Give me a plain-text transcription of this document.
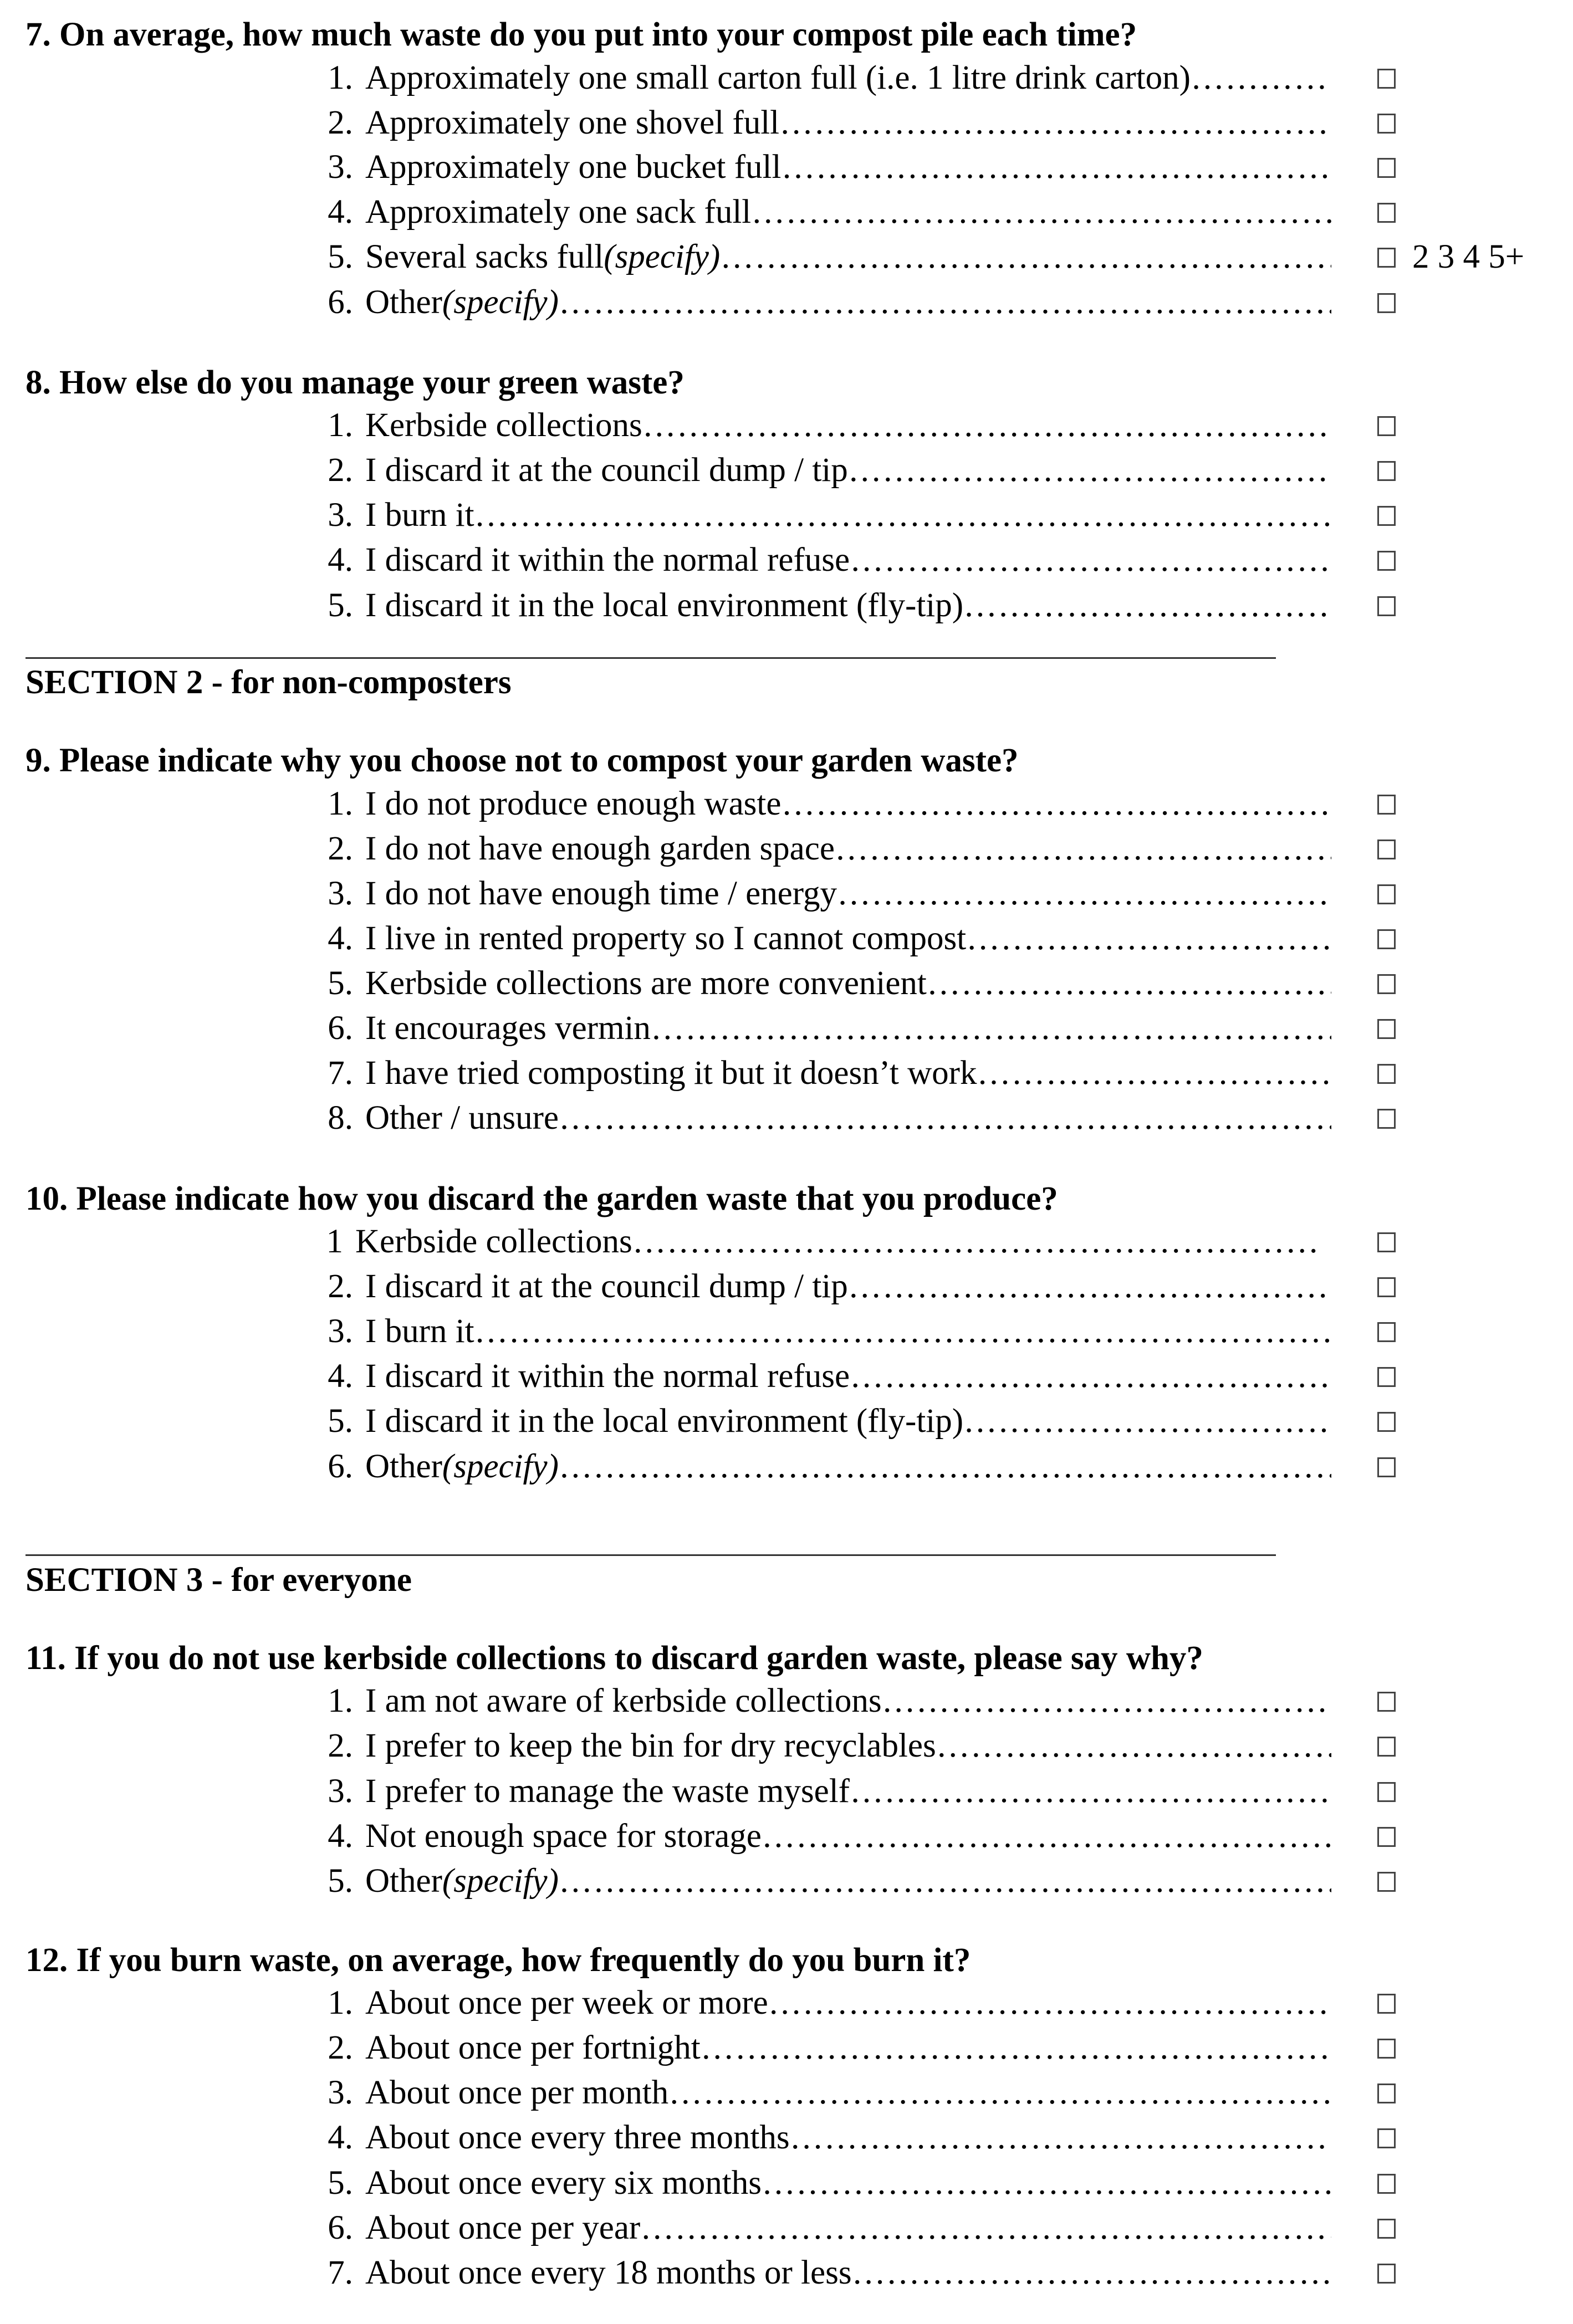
7. On average, how much waste do you put into your compost pile each time?
1. Approximately one small carton full (i.e. 1 litre drink carton)
………………………………………………………………………………………………………………………………………………………………
2. Approximately one shovel full
………………………………………………………………………………………………………………………………………………………………
3. Approximately one bucket full
………………………………………………………………………………………………………………………………………………………………
4. Approximately one sack full
………………………………………………………………………………………………………………………………………………………………
5. Several sacks full (specify)
………………………………………………………………………………………………………………………………………………………………
6. Other (specify)
………………………………………………………………………………………………………………………………………………………………
2 3 4 5+
8. How else do you manage your green waste?
1. Kerbside collections
………………………………………………………………………………………………………………………………………………………………
2. I discard it at the council dump / tip
………………………………………………………………………………………………………………………………………………………………
3. I burn it
………………………………………………………………………………………………………………………………………………………………
4. I discard it within the normal refuse
………………………………………………………………………………………………………………………………………………………………
5. I discard it in the local environment (fly-tip)
………………………………………………………………………………………………………………………………………………………………
SECTION 2 - for non-composters
9. Please indicate why you choose not to compost your garden waste?
1. I do not produce enough waste
………………………………………………………………………………………………………………………………………………………………
2. I do not have enough garden space
………………………………………………………………………………………………………………………………………………………………
3. I do not have enough time / energy
………………………………………………………………………………………………………………………………………………………………
4. I live in rented property so I cannot compost
………………………………………………………………………………………………………………………………………………………………
5. Kerbside collections are more convenient
………………………………………………………………………………………………………………………………………………………………
6. It encourages vermin
………………………………………………………………………………………………………………………………………………………………
7. I have tried composting it but it doesn’t work
………………………………………………………………………………………………………………………………………………………………
8. Other / unsure
………………………………………………………………………………………………………………………………………………………………
10. Please indicate how you discard the garden waste that you produce?
1 Kerbside collections
………………………………………………………………………………………………………………………………………………………………
2. I discard it at the council dump / tip
………………………………………………………………………………………………………………………………………………………………
3. I burn it
………………………………………………………………………………………………………………………………………………………………
4. I discard it within the normal refuse
………………………………………………………………………………………………………………………………………………………………
5. I discard it in the local environment (fly-tip)
………………………………………………………………………………………………………………………………………………………………
6. Other (specify)
………………………………………………………………………………………………………………………………………………………………
SECTION 3 - for everyone
11. If you do not use kerbside collections to discard garden waste, please say why?
1. I am not aware of kerbside collections
………………………………………………………………………………………………………………………………………………………………
2. I prefer to keep the bin for dry recyclables
………………………………………………………………………………………………………………………………………………………………
3. I prefer to manage the waste myself
………………………………………………………………………………………………………………………………………………………………
4. Not enough space for storage
………………………………………………………………………………………………………………………………………………………………
5. Other (specify)
………………………………………………………………………………………………………………………………………………………………
12. If you burn waste, on average, how frequently do you burn it?
1. About once per week or more
………………………………………………………………………………………………………………………………………………………………
2. About once per fortnight
………………………………………………………………………………………………………………………………………………………………
3. About once per month
………………………………………………………………………………………………………………………………………………………………
4. About once every three months
………………………………………………………………………………………………………………………………………………………………
5. About once every six months
………………………………………………………………………………………………………………………………………………………………
6. About once per year
………………………………………………………………………………………………………………………………………………………………
7. About once every 18 months or less
………………………………………………………………………………………………………………………………………………………………
